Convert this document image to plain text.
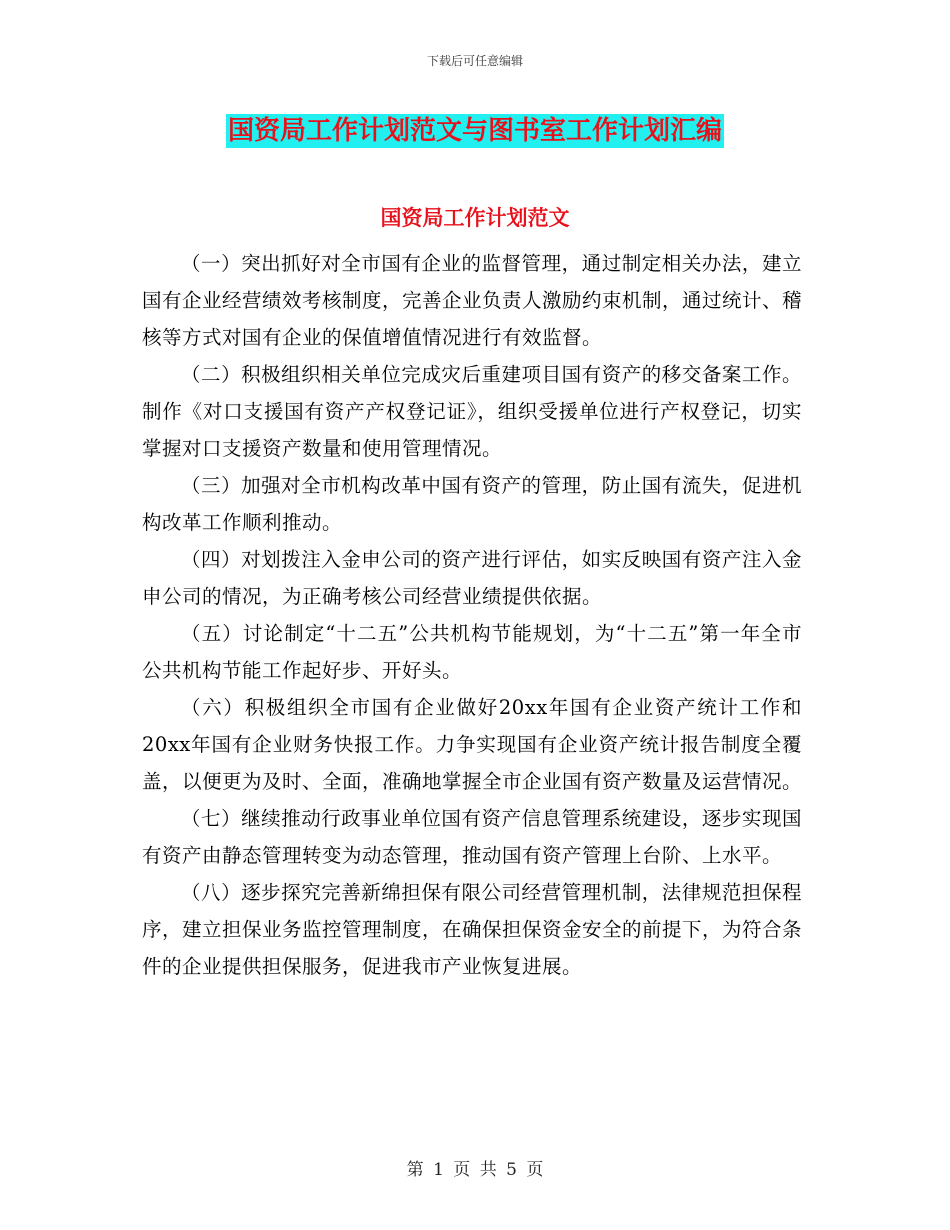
下载后可任意编辑
国资局工作计划范文与图书室工作计划汇编
国资局工作计划范文

（一）突出抓好对全市国有企业的监督管理，通过制定相关办法，建立国有企业经营绩效考核制度，完善企业负责人激励约束机制，通过统计、稽核等方式对国有企业的保值增值情况进行有效监督。

（二）积极组织相关单位完成灾后重建项目国有资产的移交备案工作。制作《对口支援国有资产产权登记证》，组织受援单位进行产权登记，切实掌握对口支援资产数量和使用管理情况。

（三）加强对全市机构改革中国有资产的管理，防止国有流失，促进机构改革工作顺利推动。

（四）对划拨注入金申公司的资产进行评估，如实反映国有资产注入金申公司的情况，为正确考核公司经营业绩提供依据。

（五）讨论制定“十二五”公共机构节能规划，为“十二五”第一年全市公共机构节能工作起好步、开好头。

（六）积极组织全市国有企业做好20xx年国有企业资产统计工作和20xx年国有企业财务快报工作。力争实现国有企业资产统计报告制度全覆盖，以便更为及时、全面，准确地掌握全市企业国有资产数量及运营情况。

（七）继续推动行政事业单位国有资产信息管理系统建设，逐步实现国有资产由静态管理转变为动态管理，推动国有资产管理上台阶、上水平。

（八）逐步探究完善新绵担保有限公司经营管理机制，法律规范担保程序，建立担保业务监控管理制度，在确保担保资金安全的前提下，为符合条件的企业提供担保服务，促进我市产业恢复进展。

第 1 页 共 5 页
